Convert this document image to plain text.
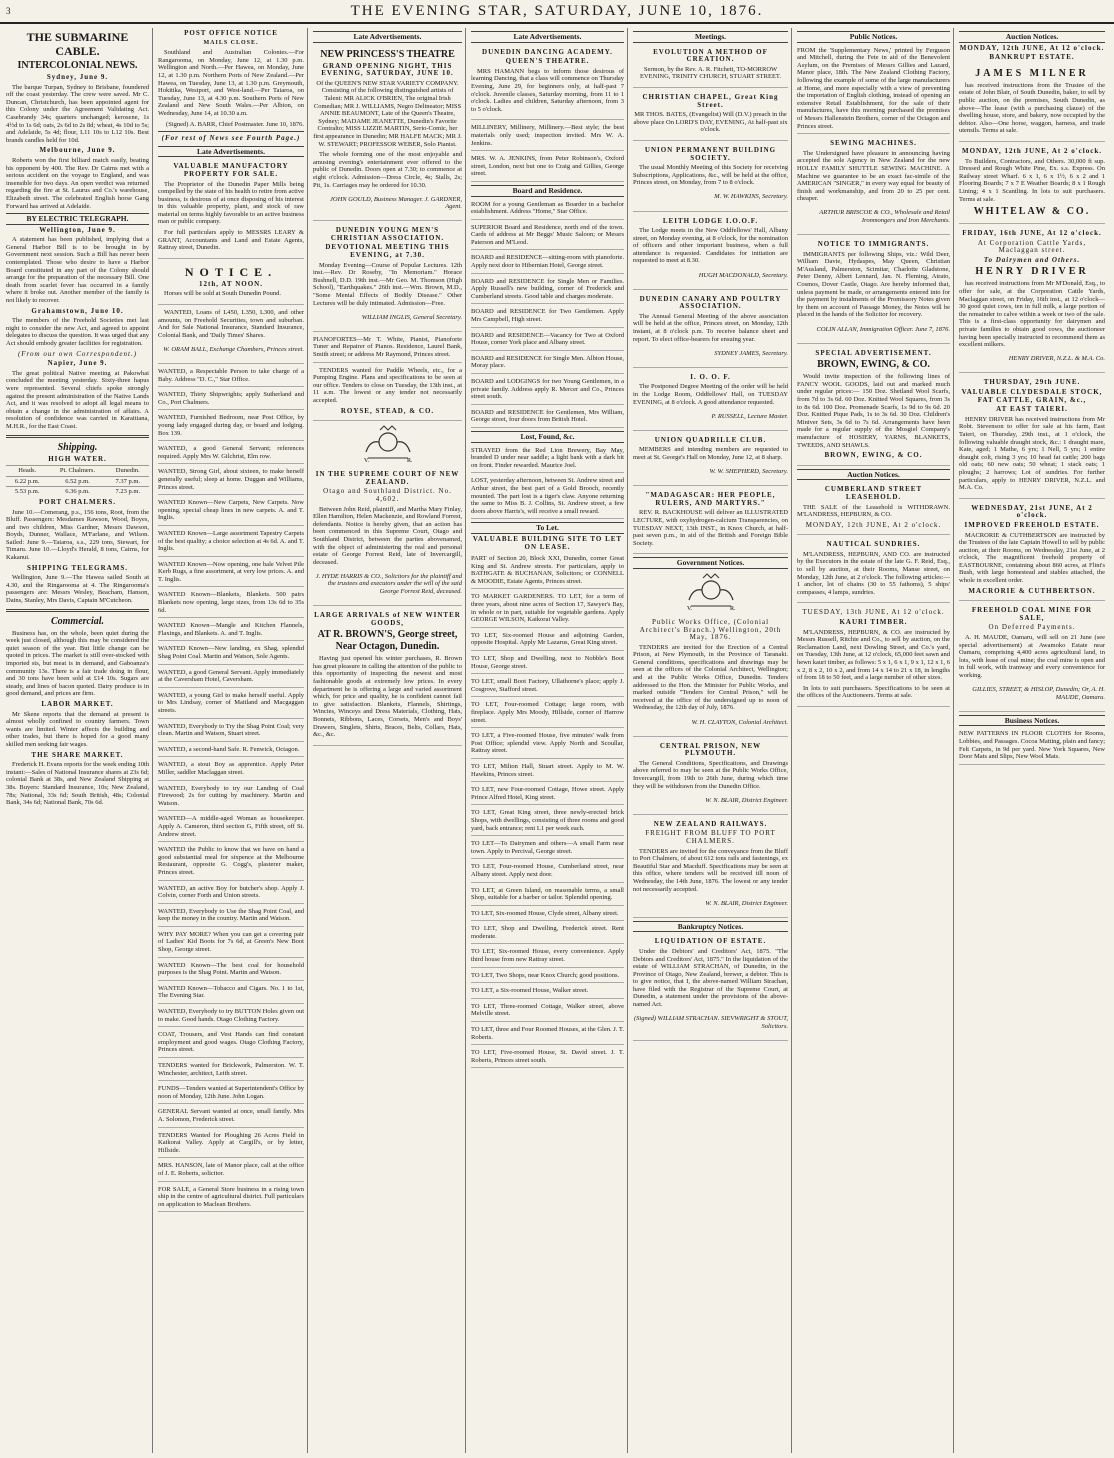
3	THE EVENING STAR, SATURDAY, JUNE 10, 1876.
THE SUBMARINE CABLE.
INTERCOLONIAL NEWS.
Sydney, June 9.

The barque Turpan, Sydney to Brisbane, foundered off the coast yesterday. The crew were saved. Mr C. Duncan, Christchurch, has been appointed agent for this Colony under the Agreement Validating Act. Casebrandy 34s; quarters unchanged; kerosene, 1s 4½d to 1s 6d; oats, 2s 6d to 2s 8d; wheat, 4s 10d to 5s; and Adelaide, 5s 4d; flour, L11 10s to L12 10s. Best brands candles held for 10d.

Melbourne, June 9.

Roberts won the first billiard match easily, beating his opponent by 400. The Rev. Dr Cairns met with a serious accident on the voyage to England, and was insensible for two days. An open verdict was returned regarding the fire at St. Laurus and Co.'s warehouse, Elizabeth street. The celebrated English horse Gang Forward has arrived at Adelaide.

BY ELECTRIC TELEGRAPH.
Wellington, June 9.

A statement has been published, implying that a General Harbor Bill is to be brought in by Government next session. Such a Bill has never been contemplated. Those who desire to have a Harbor Board constituted in any part of the Colony should arrange for the preparation of the necessary Bill. One death from scarlet fever has occurred in a family where it broke out. Another member of the family is not likely to recover.

Grahamstown, June 10.

The members of the Freehold Societies met last night to consider the new Act, and agreed to appoint delegates to discuss the question. It was urged that any Act should embody greater facilities for registration.

(From our own Correspondent.)
Napier, June 9.

The great political Native meeting at Pakowhai concluded the meeting yesterday. Sixty-three hapus were represented. Several chiefs spoke strongly against the present administration of the Native Lands Act, and it was resolved to adopt all legal means to obtain a change in the administration of affairs. A resolution of confidence was carried in Karaitiana, M.H.R., for the East Coast.

Shipping.
HIGH WATER.
Heads.	Pt. Chalmers.	Dunedin.
6.22 p.m.	6.52 p.m.	7.37 p.m.
5.53 p.m.	6.36 p.m.	7.23 p.m.
PORT CHALMERS.

June 10.—Comerang, p.s., 156 tons, Root, from the Bluff. Passengers: Mesdames Rawson, Wood, Boyes, and two children, Miss Gardner, Messrs Dawson, Boyds, Dunner, Wallace, M'Farlane, and Wilson. Sailed: June 9.—Taiaroa, s.s., 229 tons, Stewart, for Timaru. June 10.—Lloyd's Herald, 8 tons, Cairns, for Kakanui.

SHIPPING TELEGRAMS.

Wellington, June 9.—The Hawea sailed South at 4.30, and the Ringarooma at 4. The Ringarooma's passengers are: Messrs Wesley, Beacham, Hanson, Dains, Stanley, Mrs Davis, Captain M'Cutcheon.

Commercial.

Business has, on the whole, been quiet during the week just closed, although this may be considered the quiet season of the year. But little change can be quoted in prices. The market is still over-stocked with imported sts, but meat is in demand, and Gaboanza's community 13s. There is a fair trade doing in flour, and 30 tons have been sold at £14 10s. Sugars are steady, and lines of bacon quoted. Dairy produce is in good demand, and prices are firm.

LABOR MARKET.

Mr Skene reports that the demand at present is almost wholly confined to country farmers. Town wants are limited. Winter affects the building and other trades, but there is hoped for a good many skilled men seeking fair wages.

THE SHARE MARKET.

Frederick H. Evans reports for the week ending 10th instant:—Sales of National Insurance shares at 23s 6d; colonial Bank at 38s, and New Zealand Shipping at 38s. Buyers: Standard Insurance, 10s; New Zealand, 78s; National, 33s 6d; South British, 48s; Colonial Bank, 34s 6d; National Bank, 70s 6d.

POST OFFICE NOTICE
MAILS CLOSE.

Southland and Australian Colonies.—For Rangarooma, on Monday, June 12, at 1.30 p.m. Wellington and North.—Per Hawea, on Monday, June 12, at 1.30 p.m. Northern Ports of New Zealand.—Per Hawea, on Tuesday, June 13, at 1.30 p.m. Greymouth, Hokitika, Westport, and West-land.—Per Taiaroa, on Tuesday, June 13, at 4.30 p.m. Southern Ports of New Zealand and New South Wales.—Per Albion, on Wednesday, June 14, at 10.30 a.m.

(Signed) A. BARR, Chief Postmaster. June 10, 1876.

(For rest of News see Fourth Page.)
Late Advertisements.
VALUABLE MANUFACTORY PROPERTY FOR SALE.

The Proprietor of the Dunedin Paper Mills being compelled by the state of his health to retire from active business, is desirous of at once disposing of his interest in this valuable property, plant, and stock of raw material on terms highly favorable to an active business man or public company.

For full particulars apply to MESSRS LEARY & GRANT, Accountants and Land and Estate Agents, Rattray street, Dunedin.

NOTICE.
12th, AT NOON.

Horses will be sold at South Dunedin Pound.

WANTED, Loans of L450, L350, L300, and other amounts, on Freehold Securities, town and suburban. And for Sale National Insurance, Standard Insurance, Colonial Bank, and 'Daily Times' Shares.

W. ORAM BALL, Exchange Chambers, Princes street.

WANTED, a Respectable Person to take charge of a Baby. Address "D. C.," Star Office.
WANTED, Thirty Shipwrights; apply Sutherland and Co., Port Chalmers.
WANTED, Furnished Bedroom, near Post Office, by young lady engaged during day, or board and lodging. Box 139.
WANTED, a good General Servant; references required. Apply Mrs W. Gilchrist, Elm row.
WANTED, Strong Girl, about sixteen, to make herself generally useful; sleep at home. Duggan and Williams, Princes street.
WANTED Known—New Carpets, New Carpets. Now opening, special cheap lines in new carpets. A. and T. Inglis.
WANTED Known—Large assortment Tapestry Carpets of the best quality; a choice selection at 4s 6d. A. and T. Inglis.
WANTED Known—Now opening, one bale Velvet Pile Kerb Rugs, a fine assortment, at very low prices. A. and T. Inglis.
WANTED Known—Blankets, Blankets. 500 pairs Blankets now opening, large sizes, from 13s 6d to 35s 6d.
WANTED Known—Mangle and Kitchen Flannels, Flaxings, and Blankets. A. and T. Inglis.
WANTED Known—New landing, ex Shag, splendid Shag Point Coal. Martin and Watson, Sole Agents.
WANTED, a good General Servant. Apply immediately at the Caversham Hotel, Caversham.
WANTED, a young Girl to make herself useful. Apply to Mrs Lindsay, corner of Maitland and Macgaggan streets.
WANTED, Everybody to Try the Shag Point Coal; very clean. Martin and Watson, Stuart street.
WANTED, a second-hand Safe. R. Fenwick, Octagon.
WANTED, a stout Boy as apprentice. Apply Peter Miller, saddler Maclaggan street.
WANTED, Everybody to try our Landing of Coal Firewood; 2s for cutting by machinery. Martin and Watson.
WANTED—A middle-aged Woman as housekeeper. Apply A. Cameron, third section G, Fifth street, off St. Andrew street.
WANTED the Public to know that we have on hand a good substantial meal for sixpence at the Melbourne Restaurant, opposite G. Cogg's, plasterer maker, Princes street.
WANTED, an active Boy for butcher's shop. Apply J. Colvin, corner Forth and Union streets.
WANTED, Everybody to Use the Shag Point Coal, and keep the money in the country. Martin and Watson.
WHY PAY MORE? When you can get a covering pair of Ladies' Kid Boots for 7s 6d, at Green's New Boot Shop, George street.
WANTED Known—The best coal for household purposes is the Shag Point. Martin and Watson.
WANTED Known—Tobacco and Cigars. No. 1 to 1st, The Evening Star.
WANTED, Everybody to try BUTTON Holes given out to make. Good hands. Otago Clothing Factory.
COAT, Trousers, and Vest Hands can find constant employment and good wages. Otago Clothing Factory, Princes street.
TENDERS wanted for Brickwork, Palmerston. W. T. Winchester, architect, Leith street.
FUNDS—Tenders wanted at Superintendent's Office by noon of Monday, 12th June. John Logan.
GENERAL Servant wanted at once, small family. Mrs A. Solomon, Frederick street.
TENDERS Wanted for Ploughing 26 Acres Field in Kaikorai Valley. Apply at Cargill's, or by letter, Hillside.
MRS. HANSON, late of Manor place, call at the office of J. E. Roberts, solicitor.
FOR SALE, a General Store business in a rising town ship in the centre of agricultural district. Full particulars on application to Maclean Brothers.
Late Advertisements.
NEW PRINCESS'S THEATRE
GRAND OPENING NIGHT, THIS EVENING, SATURDAY, JUNE 10.

Of the QUEEN'S NEW STAR VARIETY COMPANY. Consisting of the following distinguished artists of Talent: MR ALICK O'BRIEN, The original Irish Comedian; MR J. WILLIAMS, Negro Delineator; MISS ANNIE BEAUMONT, Late of the Queen's Theatre, Sydney; MADAME JEANETTE, Dunedin's Favorite Contralto; MISS LIZZIE MARTIN, Serio-Comic, her first appearance in Dunedin; MR HALFE MACK; MR J. W. STEWART; PROFESSOR WEBER, Solo Pianist.

The whole forming one of the most enjoyable and amusing evening's entertainment ever offered to the public of Dunedin. Doors open at 7.30; to commence at eight o'clock. Admission—Dress Circle, 4s; Stalls, 2s; Pit, 1s. Carriages may be ordered for 10.30.

JOHN GOULD, Business Manager. J. GARDNER, Agent.

DUNEDIN YOUNG MEN'S CHRISTIAN ASSOCIATION.
DEVOTIONAL MEETING THIS EVENING, at 7.30.

Monday Evening—Course of Popular Lectures. 12th inst.—Rev. Dr Roseby, "In Memoriam." Horace Bushnell, D.D. 19th inst.—Mr Geo. M. Thomson (High School), "Earthquakes." 26th inst.—Wm. Brown, M.D., "Some Mental Effects of Bodily Disease." Other Lectures will be duly intimated. Admission—Free.

WILLIAM INGLIS, General Secretary.

PIANOFORTES—Mr T. White, Pianist, Pianoforte Tuner and Repairer of Pianos. Residence, Laurel Bank, Smith street; or address Mr Raymond, Princes street.

TENDERS wanted for Paddle Wheels, etc., for a Pumping Engine. Plans and specifications to be seen at our office. Tenders to close on Tuesday, the 13th inst., at 11 a.m. The lowest or any tender not necessarily accepted.

ROYSE, STEAD, & CO.
V.	R.
IN THE SUPREME COURT OF NEW ZEALAND.
Otago and Southland District. No. 4,602.

Between John Reid, plaintiff, and Martha Mary Finlay, Ellen Hamilton, Helen Mackenzie, and Rowland Forrest, defendants. Notice is hereby given, that an action has been commenced in this Supreme Court, Otago and Southland District, between the parties abovenamed, with the object of administering the real and personal estate of George Forrest Reid, late of Invercargill, deceased.

J. HYDE HARRIS & CO., Solicitors for the plaintiff and the trustees and executors under the will of the said George Forrest Reid, deceased.

LARGE ARRIVALS of NEW WINTER GOODS,
AT R. BROWN'S, George street, Near Octagon, Dunedin.

Having just opened his winter purchases, R. Brown has great pleasure in calling the attention of the public to this opportunity of inspecting the newest and most fashionable goods at extremely low prices. In every department he is offering a large and varied assortment which, for price and quality, he is confident cannot fail to give satisfaction. Blankets, Flannels, Shirtings, Wincies, Winceys and Dress Materials, Clothing, Hats, Bonnets, Ribbons, Laces, Corsets, Men's and Boys' Drawers, Singlets, Shirts, Braces, Belts, Collars, Hats, &c., &c.

Late Advertisements.
DUNEDIN DANCING ACADEMY.
QUEEN'S THEATRE.

MRS HAMANN begs to inform those desirous of learning Dancing, that a class will commence on Thursday Evening, June 29, for beginners only, at half-past 7 o'clock. Juvenile classes, Saturday morning, from 11 to 1 o'clock. Ladies and children, Saturday afternoon, from 3 to 5 o'clock.

MILLINERY, Millinery, Millinery.—Best style; the best materials only used; inspection invited. Mrs W. A. Jenkins.
MRS. W. A. JENKINS, from Peter Robinson's, Oxford street, London, next but one to Craig and Gillies, George street.
Board and Residence.
ROOM for a young Gentleman as Boarder in a bachelor establishment. Address "Home," Star Office.
SUPERIOR Board and Residence, north end of the town. Cards of address at Mr Beggs' Music Saloon; or Messrs Paterson and M'Leod.
BOARD and RESIDENCE—sitting-room with pianoforte. Apply next door to Hibernian Hotel, George street.
BOARD and RESIDENCE for Single Men or Families. Apply Russell's new building, corner of Frederick and Cumberland streets. Good table and charges moderate.
BOARD and RESIDENCE for Two Gentlemen. Apply Mrs Campbell, High street.
BOARD and RESIDENCE—Vacancy for Two at Oxford House, corner York place and Albany street.
BOARD and RESIDENCE for Single Men. Albion House, Moray place.
BOARD and LODGINGS for two Young Gentlemen, in a private family. Address apply R. Mercer and Co., Princes street south.
BOARD and RESIDENCE for Gentlemen, Mrs William, George street, four doors from British Hotel.
Lost, Found, &c.
STRAYED from the Red Lion Brewery, Bay May, branded D under near saddle; a light bank with a dark bit on front. Finder rewarded. Maurice Joel.
LOST, yesterday afternoon, between St. Andrew street and Arthur street, the best part of a Gold Brooch, recently mounted. The part lost is a tiger's claw. Anyone returning the same to Miss B. J. Collins, St. Andrew street, a few doors above Harris's, will receive a small reward.
To Let.
VALUABLE BUILDING SITE TO LET ON LEASE.
PART of Section 20, Block XXI, Dunedin, corner Great King and St. Andrew streets. For particulars, apply to BATHGATE & BUCHANAN, Solicitors; or CONNELL & MOODIE, Estate Agents, Princes street.
TO MARKET GARDENERS. TO LET, for a term of three years, about nine acres of Section 17, Sawyer's Bay, in whole or in part, suitable for vegetable gardens. Apply GEORGE WILSON, Kaikorai Valley.
TO LET, Six-roomed House and adjoining Garden, opposite Hospital. Apply Mr Lazarus, Great King street.
TO LET, Shop and Dwelling, next to Nobble's Boot House, George street.
TO LET, small Boot Factory, Ullathorne's place; apply J. Cosgrove, Stafford street.
TO LET, Four-roomed Cottage; large room, with fireplace. Apply Mrs Moody, Hillside, corner of Harrow street.
TO LET, a Five-roomed House, five minutes' walk from Post Office; splendid view. Apply North and Scoullar, Rattray street.
TO LET, Milton Hall, Stuart street. Apply to M. W. Hawkins, Princes street.
TO LET, new Four-roomed Cottage, Howe street. Apply Prince Alfred Hotel, King street.
TO LET, Great King street, three newly-erected brick Shops, with dwellings, consisting of three rooms and good yard, back entrance; rent L1 per week each.
TO LET—To Dairymen and others—A small Farm near town. Apply to Percival, George street.
TO LET, Four-roomed House, Cumberland street, near Albany street. Apply next door.
TO LET, at Green Island, on reasonable terms, a small Shop, suitable for a barber or tailor. Splendid opening.
TO LET, Six-roomed House, Clyde street, Albany street.
TO LET, Shop and Dwelling, Frederick street. Rent moderate.
TO LET, Six-roomed House, every convenience. Apply third house from new Rattray street.
TO LET, Two Shops, near Knox Church; good positions.
TO LET, a Six-roomed House, Walker street.
TO LET, Three-roomed Cottage, Walker street, above Melville street.
TO LET, three and Four Roomed Houses, at the Glen. J. T. Roberts.
TO LET, Five-roomed House, St. David street. J. T. Roberts, Princes street south.
Meetings.
EVOLUTION A METHOD OF CREATION.

Sermon, by the Rev. A. R. Fitchett, TO-MORROW EVENING, TRINITY CHURCH, STUART STREET.

CHRISTIAN CHAPEL, Great King Street.

MR THOS. BATES, (Evangelist) Will (D.V.) preach in the above place On LORD'S DAY, EVENING, At half-past six o'clock.

UNION PERMANENT BUILDING SOCIETY.

The usual Monthly Meeting of this Society for receiving Subscriptions, Applications, &c., will be held at the office, Princes street, on Monday, from 7 to 8 o'clock.

M. W. HAWKINS, Secretary.

LEITH LODGE I.O.O.F.

The Lodge meets in the New Oddfellows' Hall, Albany street, on Monday evening, at 8 o'clock, for the nomination of officers and other important business, when a full attendance is requested. Candidates for initiation are requested to meet at 8.30.

HUGH MACDONALD, Secretary.

DUNEDIN CANARY AND POULTRY ASSOCIATION.

The Annual General Meeting of the above association will be held at the office, Princes street, on Monday, 12th instant, at 8 o'clock p.m. To receive balance sheet and report. To elect office-bearers for ensuing year.

SYDNEY JAMES, Secretary.

I. O. O. F.

The Postponed Degree Meeting of the order will be held in the Lodge Room, Oddfellows' Hall, on TUESDAY EVENING, at 8 o'clock. A good attendance requested.

P. RUSSELL, Lecture Master.

UNION QUADRILLE CLUB.

MEMBERS and intending members are requested to meet at St. George's Hall on Monday, June 12, at 8 sharp.

W. W. SHEPHERD, Secretary.

"MADAGASCAR: HER PEOPLE, RULERS, AND MARTYRS."

REV. R. BACKHOUSE will deliver an ILLUSTRATED LECTURE, with oxyhydrogen-calcium Transparencies, on TUESDAY NEXT, 13th INST., in Knox Church, at half-past seven p.m., in aid of the British and Foreign Bible Society.

Government Notices.
V.	R.
Public Works Office, (Colonial Architect's Branch.) Wellington, 20th May, 1876.

TENDERS are invited for the Erection of a Central Prison, at New Plymouth, in the Province of Taranaki. General conditions, specifications and drawings may be seen at the offices of the Colonial Architect, Wellington; and at the Public Works Office, Dunedin. Tenders addressed to the Hon. the Minister for Public Works, and marked outside "Tenders for Central Prison," will be received at the office of the undersigned up to noon of Wednesday, the 12th day of July, 1876.

W. H. CLAYTON, Colonial Architect.

CENTRAL PRISON, NEW PLYMOUTH.

The General Conditions, Specifications, and Drawings above referred to may be seen at the Public Works Office, Invercargill, from 19th to 26th June, during which time they will be withdrawn from the Dunedin Office.

W. N. BLAIR, District Engineer.

NEW ZEALAND RAILWAYS.
FREIGHT FROM BLUFF TO PORT CHALMERS.

TENDERS are invited for the conveyance from the Bluff to Port Chalmers, of about 612 tons rails and fastenings, ex Beautiful Star and Macduff. Specifications may be seen at this office, where tenders will be received till noon of Wednesday, the 14th June, 1876. The lowest or any tender not necessarily accepted.

W. N. BLAIR, District Engineer.

Bankruptcy Notices.
LIQUIDATION OF ESTATE.

Under the Debtors' and Creditors' Act, 1875. "The Debtors and Creditors' Act, 1875." In the liquidation of the estate of WILLIAM STRACHAN, of Dunedin, in the Province of Otago, New Zealand, brewer, a debtor. This is to give notice, that I, the above-named William Strachan, have filed with the Registrar of the Supreme Court, at Dunedin, a statement under the provisions of the above-named Act.

(Signed) WILLIAM STRACHAN. SIEVWRIGHT & STOUT, Solicitors.

Public Notices.
FROM the 'Supplementary News,' printed by Ferguson and Mitchell, during the Fete in aid of the Benevolent Asylum, on the Premises of Messrs Gillies and Lazard, Manor place, 18th. The New Zealand Clothing Factory, following the example of some of the large manufacturers at Home, and more especially with a view of preventing the importation of English clothing, instead of opening an extensive Retail Establishment, for the sale of their manufactures, have this morning purchased the premises of Messrs Hallenstein Brothers, corner of the Octagon and Princes street.
SEWING MACHINES.

The Undersigned have pleasure in announcing having accepted the sole Agency in New Zealand for the new HOLLY FAMILY SHUTTLE SEWING MACHINE. A Machine we guarantee to be an exact fac-simile of the AMERICAN "SINGER," in every way equal for beauty of finish and workmanship, and from 20 to 25 per cent. cheaper.

ARTHUR BRISCOE & CO., Wholesale and Retail Ironmongers and Iron Merchants.

NOTICE TO IMMIGRANTS.

IMMIGRANTS per following Ships, viz.: Wild Deer, William Davie, Hydaspes, May Queen, Christian M'Ausland, Palmerston, Scimitar, Charlotte Gladstone, Peter Denny, Albert Lennard, Jan. N. Fleming, Atrato, Cosmos, Dover Castle, Otago. Are hereby informed that, unless payment be made, or arrangements entered into for the payment by instalments of the Promissory Notes given by them on account of Passage Money, the Notes will be placed in the hands of the Solicitor for recovery.

COLIN ALLAN, Immigration Officer. June 7, 1876.

SPECIAL ADVERTISEMENT.
BROWN, EWING, & CO.

Would invite inspection of the following lines of FANCY WOOL GOODS, laid out and marked much under regular prices:— 150 Doz. Shetland Wool Scarfs, from 7d to 3s 6d. 60 Doz. Knitted Wool Squares, from 3s to 8s 6d. 100 Doz. Promenade Scarfs, 1s 9d to 9s 6d. 20 Doz. Knitted Pique Pads, 1s to 3s 6d. 30 Doz. Children's Miniver Sets, 3s 6d to 7s 6d. Arrangements have been made for a regular supply of the Mosgiel Company's manufacture of HOSIERY, YARNS, BLANKETS, TWEEDS, AND SHAWLS.

BROWN, EWING, & CO.
Auction Notices.
CUMBERLAND STREET LEASEHOLD.

THE SALE of the Leasehold is WITHDRAWN. M'LANDRESS, HEPBURN, & CO.

MONDAY, 12th JUNE, At 2 o'clock.
NAUTICAL SUNDRIES.

M'LANDRESS, HEPBURN, AND CO. are instructed by the Executors in the estate of the late G. F. Reid, Esq., to sell by auction, at their Rooms, Manse street, on Monday, 12th June, at 2 o'clock. The following articles:—1 anchor, lot of chains (30 to 55 fathoms), 5 ships' compasses, 4 lamps, sundries.

TUESDAY, 13th JUNE, At 12 o'clock.
KAURI TIMBER.

M'LANDRESS, HEPBURN, & CO. are instructed by Messrs Russell, Ritchie and Co., to sell by auction, on the Reclamation Land, next Dowling Street, and Co.'s yard, on Tuesday, 13th June, at 12 o'clock, 65,000 feet sawn and hewn kauri timber, as follows: 5 x 1, 6 x 1, 9 x 1, 12 x 1, 6 x 2, 8 x 2, 10 x 2, and from 14 x 14 to 21 x 18, in lengths of from 18 to 50 feet, and a large number of other sizes.

In lots to suit purchasers. Specifications to be seen at the offices of the Auctioneers. Terms at sale.

Auction Notices.
MONDAY, 12th JUNE, At 12 o'clock.
BANKRUPT ESTATE.
JAMES MILNER

has received instructions from the Trustee of the estate of John Blair, of South Dunedin, baker, to sell by public auction, on the premises, South Dunedin, as above—The lease (with a purchasing clause) of the dwelling house, store, and bakery, now occupied by the debtor. Also—One horse, waggon, harness, and trade utensils. Terms at sale.

MONDAY, 12th JUNE, At 2 o'clock.

To Builders, Contractors, and Others. 30,000 ft sup. Dressed and Rough White Pine, Ex. s.s. Express. On Railway street Wharf. 6 x 1, 6 x 1½, 6 x 2 and 1 Flooring Boards; 7 x 7 E Weather Boards; 8 x 1 Rough Lining; 4 x 1 Scantling. In lots to suit purchasers. Terms at sale.

WHITELAW & CO.
FRIDAY, 16th JUNE, At 12 o'clock.
At Corporation Cattle Yards, Maclaggan street.
To Dairymen and Others.
HENRY DRIVER

has received instructions from Mr M'Donald, Esq., to offer for sale, at the Corporation Cattle Yards, Maclaggan street, on Friday, 16th inst., at 12 o'clock—30 good quiet cows, ten in full milk, a large portion of the remainder to calve within a week or two of the sale. This is a first-class opportunity for dairymen and private families to obtain good cows, the auctioneer having been specially instructed to recommend them as excellent milkers.

HENRY DRIVER, N.Z.L. & M.A. Co.

THURSDAY, 29th JUNE.
VALUABLE CLYDESDALE STOCK, FAT CATTLE, GRAIN, &c.,
AT EAST TAIERI.

HENRY DRIVER has received instructions from Mr Robt. Stevenson to offer for sale at his farm, East Taieri, on Thursday, 29th inst., at 1 o'clock, the following valuable draught stock, &c.: 1 draught mare, Kate, aged; 1 Mathe, 6 yrs; 1 Nell, 5 yrs; 1 entire draught colt, rising 3 yrs; 10 head fat cattle; 200 bags old oats; 60 new oats; 50 wheat; 1 stack oats; 1 ploughs; 2 harrows; Lot of sundries. For further particulars, apply to HENRY DRIVER, N.Z.L. and M.A. Co.

WEDNESDAY, 21st JUNE, At 2 o'clock.
IMPROVED FREEHOLD ESTATE.

MACRORIE & CUTHBERTSON are instructed by the Trustees of the late Captain Howell to sell by public auction, at their Rooms, on Wednesday, 21st June, at 2 o'clock, The magnificent freehold property of EASTBOURNE, containing about 860 acres, at Flint's Bush, with large homestead and stables attached, the whole in excellent order.

MACRORIE & CUTHBERTSON.
FREEHOLD COAL MINE FOR SALE,
On Deferred Payments.

A. H. MAUDE, Oamaru, will sell on 21 June (see special advertisement) at Awamoko Estate near Oamaru, comprising 4,400 acres agricultural land, in lots, with lease of coal mine; the coal mine is open and in full work, with tramway and every convenience for working.

GILLIES, STREET, & HISLOP, Dunedin; Or, A. H. MAUDE, Oamaru.

Business Notices.
NEW PATTERNS IN FLOOR CLOTHS for Rooms, Lobbies, and Passages. Cocoa Matting, plain and fancy; Felt Carpets, in 9d per yard. New York Squares, New Door Mats and Slips, New Wool Mats.
